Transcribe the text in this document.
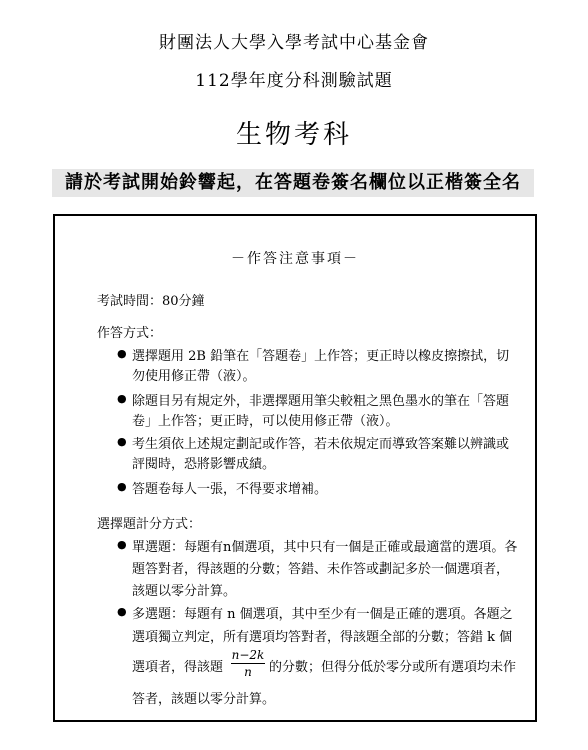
財團法人大學入學考試中心基金會
112學年度分科測驗試題
生物考科
請於考試開始鈴響起，在答題卷簽名欄位以正楷簽全名
－作答注意事項－
考試時間：80分鐘
作答方式：
● 選擇題用 2B 鉛筆在「答題卷」上作答；更正時以橡皮擦擦拭，切
勿使用修正帶（液）。
● 除題目另有規定外，非選擇題用筆尖較粗之黑色墨水的筆在「答題
卷」上作答；更正時，可以使用修正帶（液）。
● 考生須依上述規定劃記或作答，若未依規定而導致答案難以辨識或
評閱時，恐將影響成績。
● 答題卷每人一張，不得要求增補。
選擇題計分方式：
● 單選題：每題有n個選項，其中只有一個是正確或最適當的選項。各
題答對者，得該題的分數；答錯、未作答或劃記多於一個選項者，
該題以零分計算。
● 多選題：每題有 n 個選項，其中至少有一個是正確的選項。各題之
選項獨立判定，所有選項均答對者，得該題全部的分數；答錯 k 個
選項者，得該題 $\frac{n-2k}{n}$ 的分數；但得分低於零分或所有選項均未作
答者，該題以零分計算。
